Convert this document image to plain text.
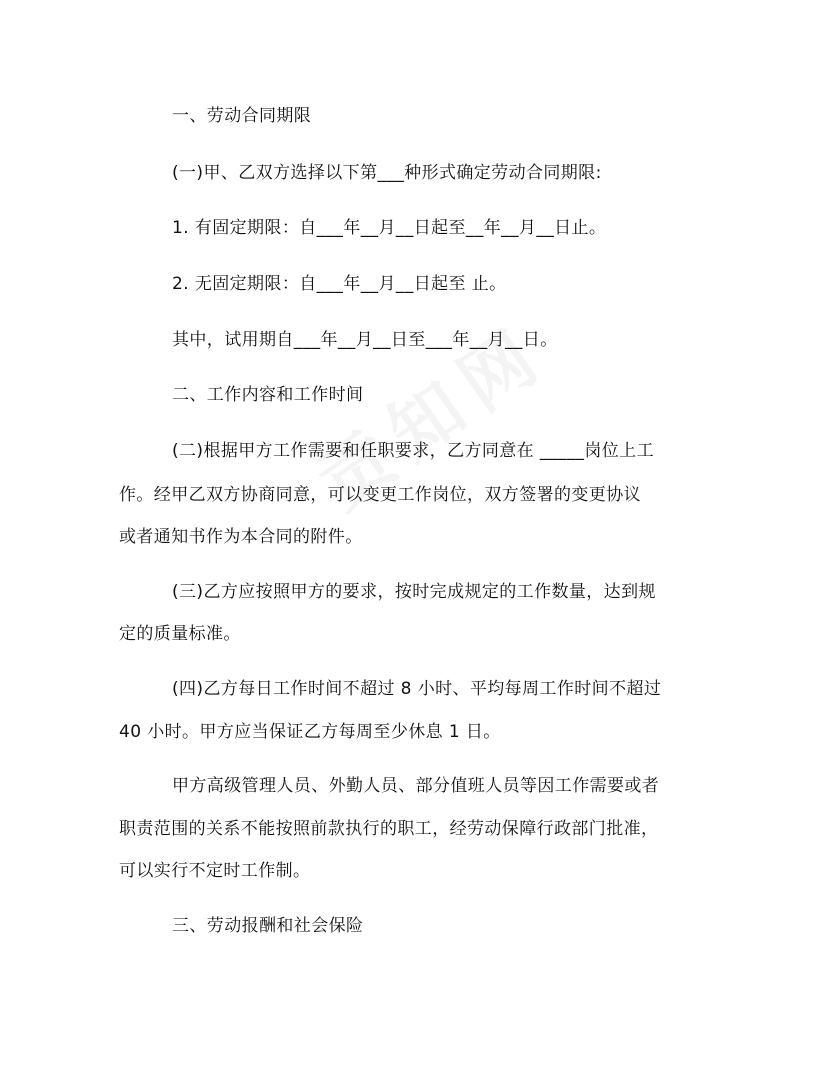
一、劳动合同期限
(一)甲、乙双方选择以下第___种形式确定劳动合同期限:
1. 有固定期限：自___年__月__日起至__年__月__日止。
2. 无固定期限：自___年__月__日起至 止。
其中，试用期自___年__月__日至___年__月__日。
二、工作内容和工作时间
(二)根据甲方工作需要和任职要求，乙方同意在 _____岗位上工
作。经甲乙双方协商同意，可以变更工作岗位，双方签署的变更协议
或者通知书作为本合同的附件。
(三)乙方应按照甲方的要求，按时完成规定的工作数量，达到规
定的质量标准。
(四)乙方每日工作时间不超过 8 小时、平均每周工作时间不超过
40 小时。甲方应当保证乙方每周至少休息 1 日。
甲方高级管理人员、外勤人员、部分值班人员等因工作需要或者
职责范围的关系不能按照前款执行的职工，经劳动保障行政部门批准，
可以实行不定时工作制。
三、劳动报酬和社会保险
